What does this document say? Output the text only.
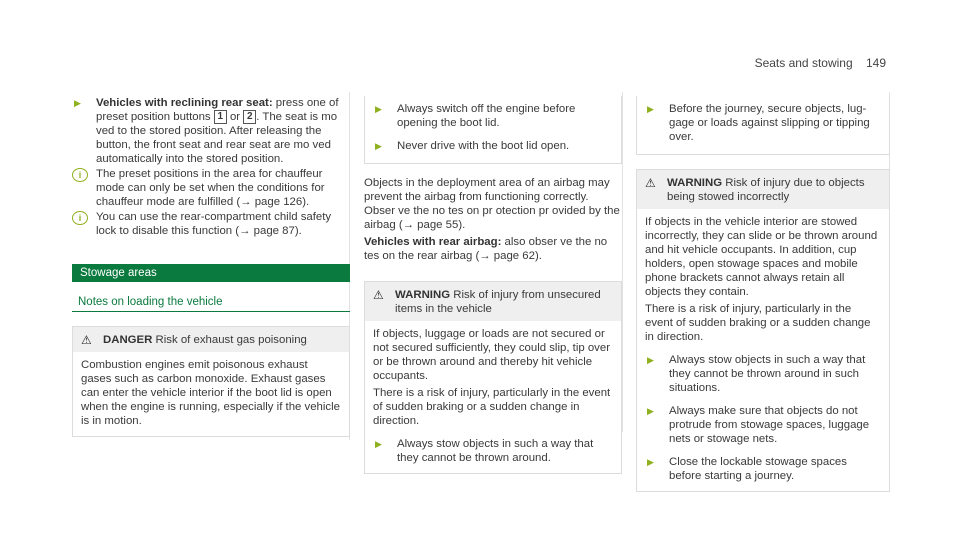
Seats and stowing 149
▶	Vehicles with reclining rear seat: press one of preset position buttons 1 or 2 . The seat is mo ved to the stored position. After releasing the button, the front seat and rear seat are mo ved automatically into the stored position.

i	The preset positions in the area for chauffeur mode can only be set when the conditions for chauffeur mode are fulfilled (→ page 126).

i	You can use the rear-compartment child safety lock to disable this function (→ page 87).

Stowage areas
Notes on loading the vehicle
⚠ DANGER Risk of exhaust gas poisoning

Combustion engines emit poisonous exhaust gases such as carbon monoxide. Exhaust gases can enter the vehicle interior if the boot lid is open when the engine is running, especially if the vehicle is in motion.

▶	Always switch off the engine before opening the boot lid.

▶	Never drive with the boot lid open.

Objects in the deployment area of an airbag may prevent the airbag from functioning correctly. Obser ve the no tes on pr otection pr ovided by the airbag (→ page 55).

Vehicles with rear airbag: also obser ve the no tes on the rear airbag (→ page 62).

⚠ WARNING Risk of injury from unsecured items in the vehicle

If objects, luggage or loads are not secured or not secured sufficiently, they could slip, tip over or be thrown around and thereby hit vehicle occupants.

There is a risk of injury, particularly in the event of sudden braking or a sudden change in direction.

▶	Always stow objects in such a way that they cannot be thrown around.

▶	Before the journey, secure objects, luggage or loads against slipping or tipping over.

⚠ WARNING Risk of injury due to objects being stowed incorrectly

If objects in the vehicle interior are stowed incorrectly, they can slide or be thrown around and hit vehicle occupants. In addition, cup holders, open stowage spaces and mobile phone brackets cannot always retain all objects they contain.

There is a risk of injury, particularly in the event of sudden braking or a sudden change in direction.

▶	Always stow objects in such a way that they cannot be thrown around in such situations.

▶	Always make sure that objects do not protrude from stowage spaces, luggage nets or stowage nets.

▶	Close the lockable stowage spaces before starting a journey.
